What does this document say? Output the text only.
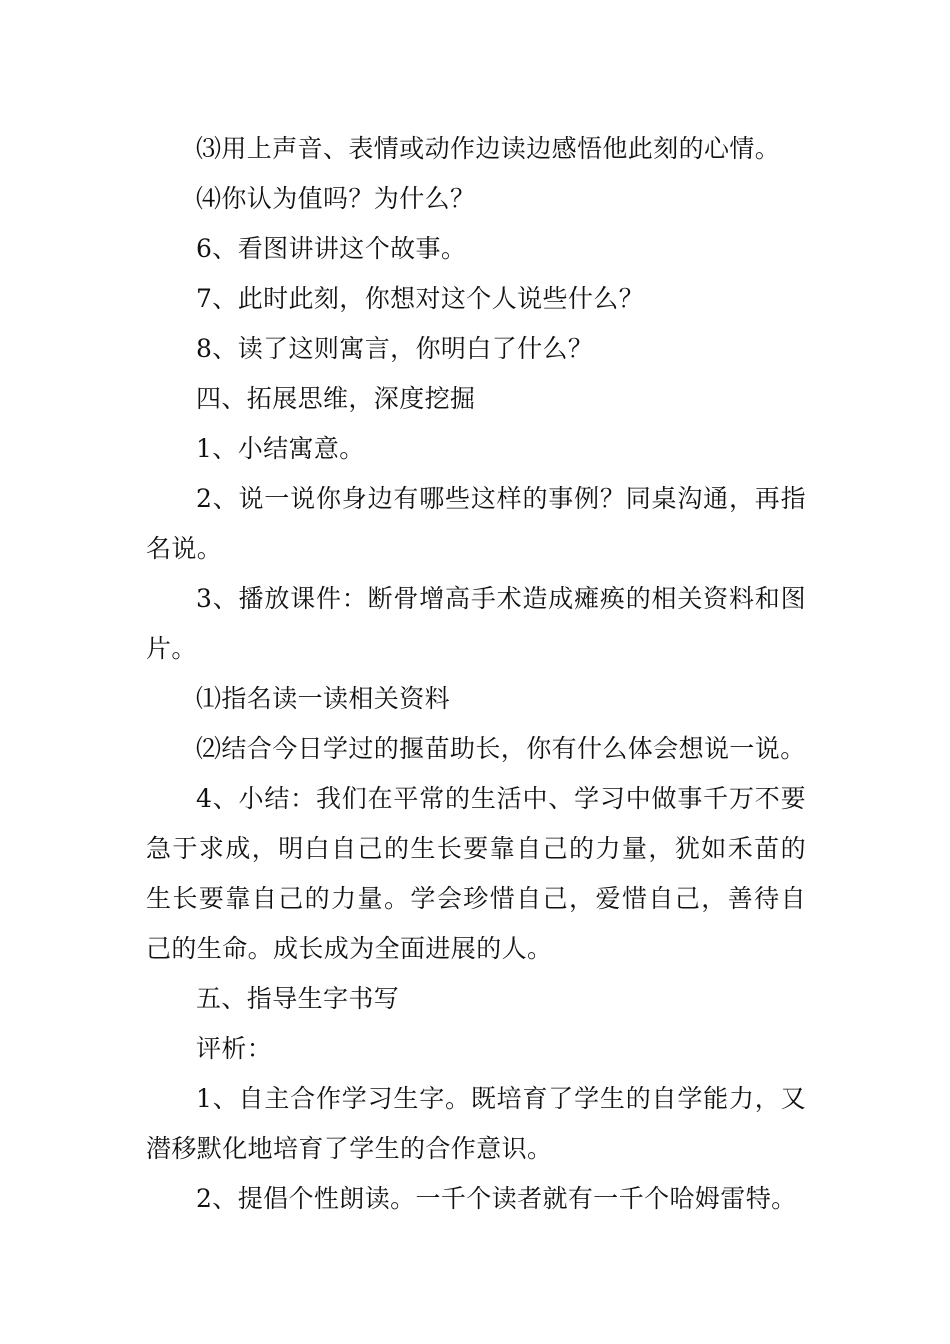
⑶用上声音、表情或动作边读边感悟他此刻的心情。

⑷你认为值吗？为什么？

6、看图讲讲这个故事。

7、此时此刻，你想对这个人说些什么？

8、读了这则寓言，你明白了什么？

四、拓展思维，深度挖掘

1、小结寓意。

2、说一说你身边有哪些这样的事例？同桌沟通，再指名说。

3、播放课件：断骨增高手术造成瘫痪的相关资料和图片。

⑴指名读一读相关资料

⑵结合今日学过的揠苗助长，你有什么体会想说一说。

4、小结：我们在平常的生活中、学习中做事千万不要急于求成，明白自己的生长要靠自己的力量，犹如禾苗的生长要靠自己的力量。学会珍惜自己，爱惜自己，善待自己的生命。成长成为全面进展的人。

五、指导生字书写

评析：

1、自主合作学习生字。既培育了学生的自学能力，又潜移默化地培育了学生的合作意识。

2、提倡个性朗读。一千个读者就有一千个哈姆雷特。
